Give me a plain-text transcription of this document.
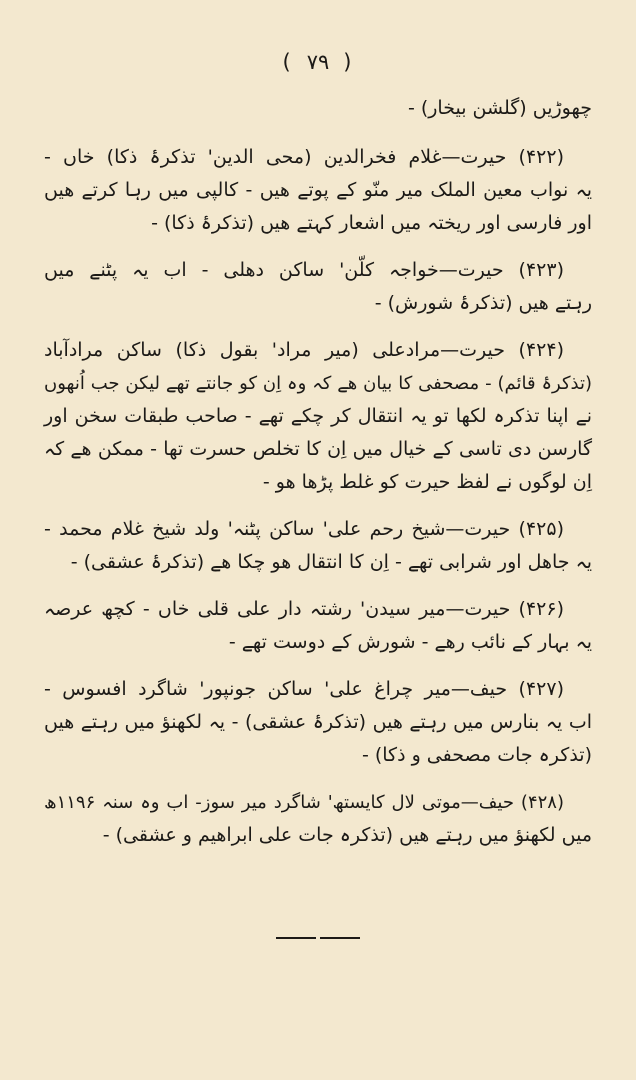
( ٧٩ )
چھوڑیں (گلشن بیخار) -
(۴۲۲) حیرت—غلام فخرالدین (محی الدین' تذکرۂ ذکا) خاں -
یہ نواب معین الملک میر منّو کے پوتے ھیں - کالپی میں رہا کرتے ھیں
اور فارسی اور ریختہ میں اشعار کہتے ھیں (تذکرۂ ذکا) -
(۴۲۳) حیرت—خواجہ کلّن' ساکن دھلی - اب یہ پٹنے میں
رہتے ھیں (تذکرۂ شورش) -
(۴۲۴) حیرت—مرادعلی (میر مراد' بقول ذکا) ساکن مرادآباد
(تذکرۂ قائم) - مصحفی کا بیان ھے کہ وہ اِن کو جانتے تھے لیکن جب اُنھوں
نے اپنا تذکرہ لکھا تو یہ انتقال کر چکے تھے - صاحب طبقات سخن اور
گارسن دی تاسی کے خیال میں اِن کا تخلص حسرت تھا - ممکن ھے کہ
اِن لوگوں نے لفظ حیرت کو غلط پڑھا ھو -
(۴۲۵) حیرت—شیخ رحم علی' ساکن پٹنہ' ولد شیخ غلام محمد -
یہ جاھل اور شرابی تھے - اِن کا انتقال ھو چکا ھے (تذکرۂ عشقی) -
(۴۲۶) حیرت—میر سیدن' رشتہ دار علی قلی خاں - کچھ عرصہ
یہ بہار کے نائب رھے - شورش کے دوست تھے -
(۴۲۷) حیف—میر چراغ علی' ساکن جونپور' شاگرد افسوس -
اب یہ بنارس میں رہتے ھیں (تذکرۂ عشقی) - یہ لکھنؤ میں رہتے ھیں
(تذکرہ جات مصحفی و ذکا) -
(۴۲۸) حیف—موتی لال کایستھ' شاگرد میر سوز- اب وہ سنہ ۱۱۹۶ھ
میں لکھنؤ میں رہتے ھیں (تذکرہ جات علی ابراھیم و عشقی) -
